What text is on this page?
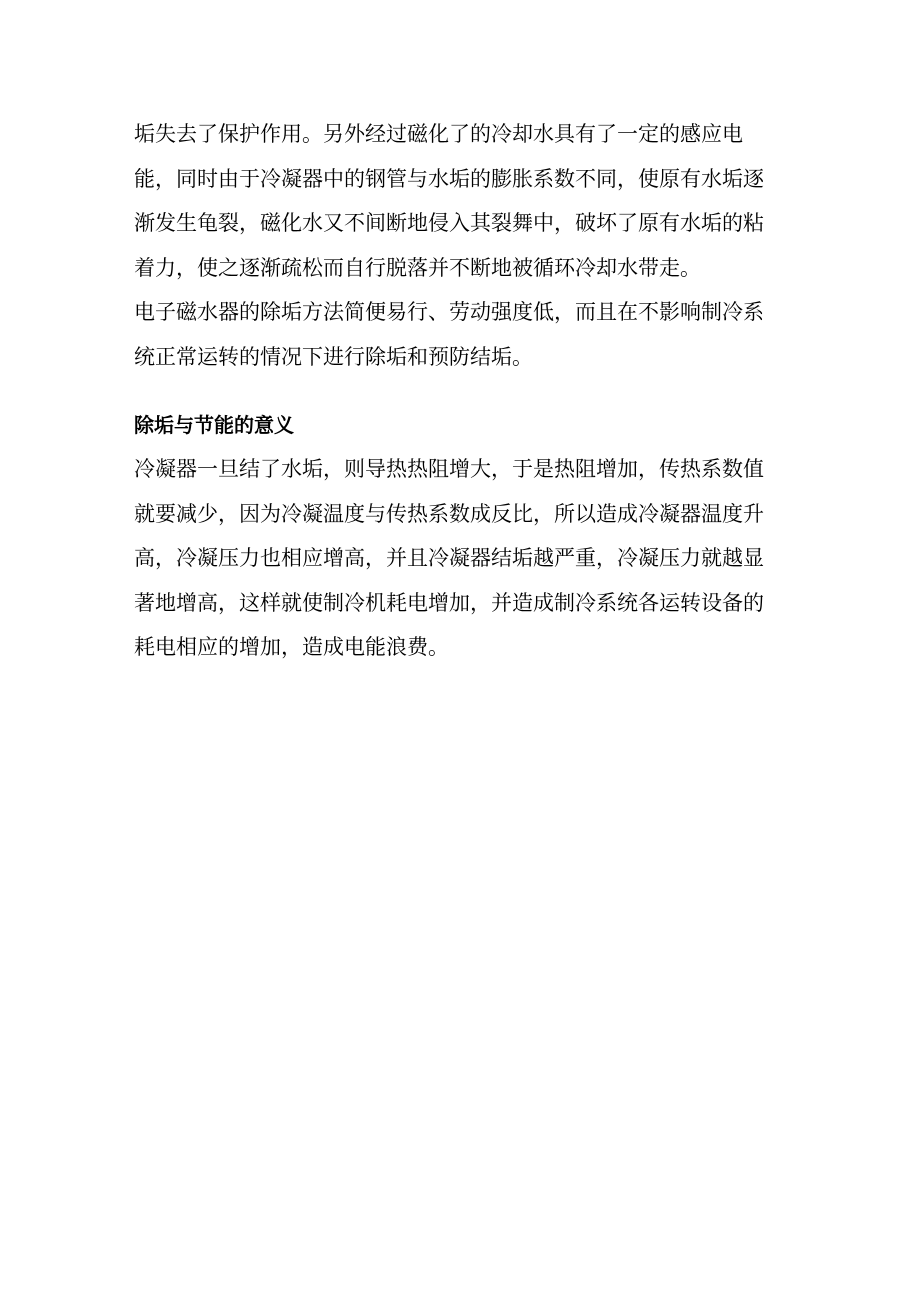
垢失去了保护作用。另外经过磁化了的冷却水具有了一定的感应电
能，同时由于冷凝器中的钢管与水垢的膨胀系数不同，使原有水垢逐
渐发生龟裂，磁化水又不间断地侵入其裂舞中，破坏了原有水垢的粘
着力，使之逐渐疏松而自行脱落并不断地被循环冷却水带走。
电子磁水器的除垢方法简便易行、劳动强度低，而且在不影响制冷系
统正常运转的情况下进行除垢和预防结垢。
除垢与节能的意义
冷凝器一旦结了水垢，则导热热阻增大，于是热阻增加，传热系数值
就要减少，因为冷凝温度与传热系数成反比，所以造成冷凝器温度升
高，冷凝压力也相应增高，并且冷凝器结垢越严重，冷凝压力就越显
著地增高，这样就使制冷机耗电增加，并造成制冷系统各运转设备的
耗电相应的增加，造成电能浪费。
